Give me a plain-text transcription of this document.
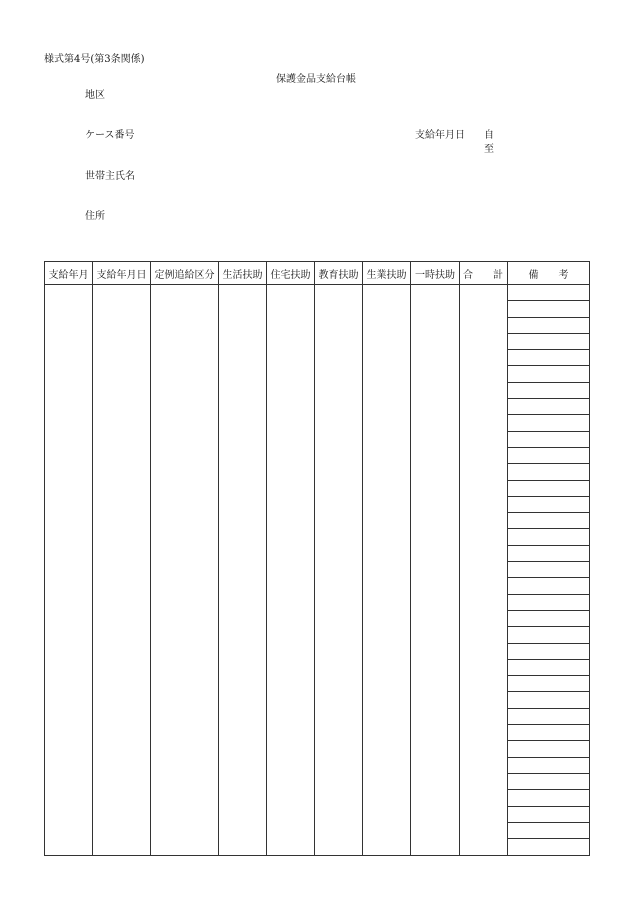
様式第4号(第3条関係)
保護金品支給台帳
地区
ケース番号	支給年月日 自
至
世帯主氏名
住所
支給年月	支給年月日	定例追給区分	生活扶助	住宅扶助	教育扶助	生業扶助	一時扶助	合　　計	備　　考
